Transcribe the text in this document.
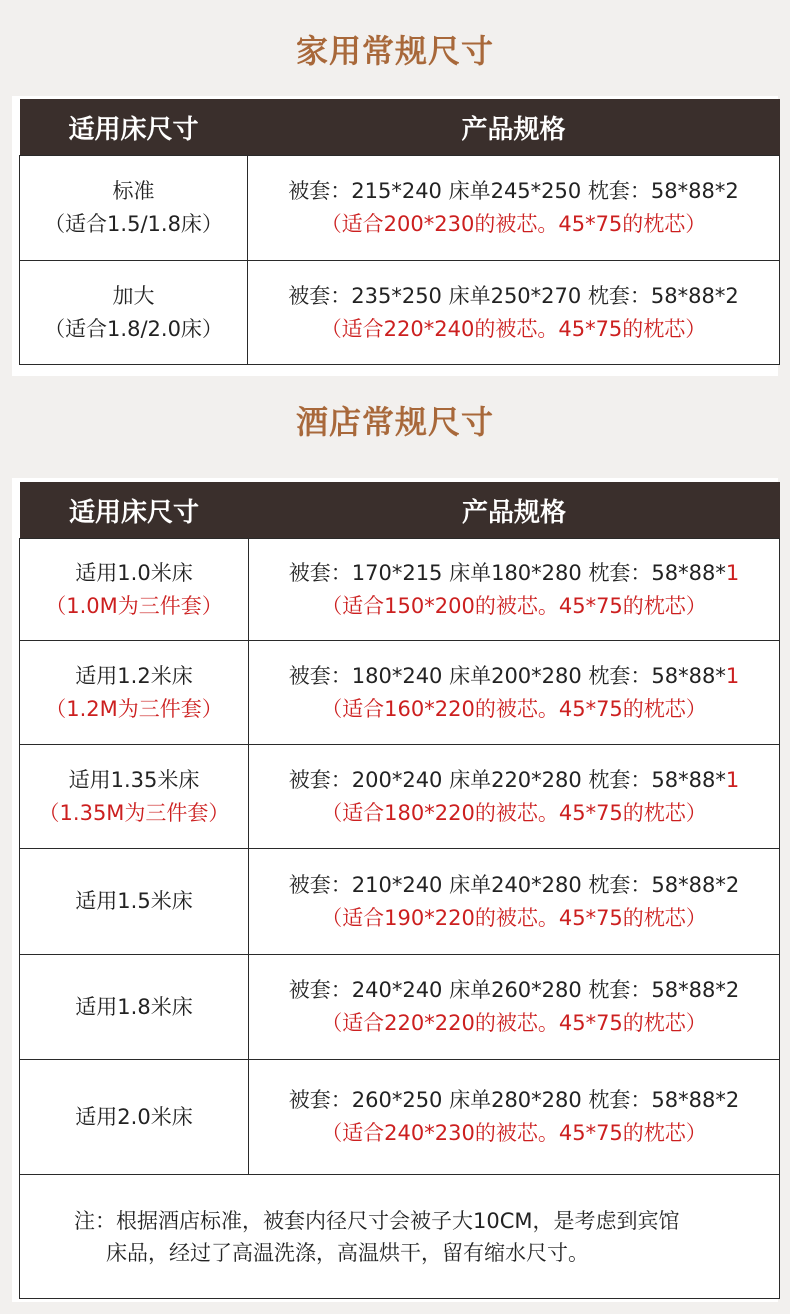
家用常规尺寸
适用床尺寸	产品规格

标准
（适合1.5/1.8床）	被套：215*240 床单245*250 枕套：58*88*2
（适合200*230的被芯。45*75的枕芯）

加大
（适合1.8/2.0床）	被套：235*250 床单250*270 枕套：58*88*2
（适合220*240的被芯。45*75的枕芯）
酒店常规尺寸
适用床尺寸	产品规格

适用1.0米床
（1.0M为三件套）	被套：170*215 床单180*280 枕套：58*88*1
（适合150*200的被芯。45*75的枕芯）

适用1.2米床
（1.2M为三件套）	被套：180*240 床单200*280 枕套：58*88*1
（适合160*220的被芯。45*75的枕芯）

适用1.35米床
（1.35M为三件套）	被套：200*240 床单220*280 枕套：58*88*1
（适合180*220的被芯。45*75的枕芯）

适用1.5米床	被套：210*240 床单240*280 枕套：58*88*2
（适合190*220的被芯。45*75的枕芯）

适用1.8米床	被套：240*240 床单260*280 枕套：58*88*2
（适合220*220的被芯。45*75的枕芯）

适用2.0米床	被套：260*250 床单280*280 枕套：58*88*2
（适合240*230的被芯。45*75的枕芯）

注：根据酒店标准，被套内径尺寸会被子大10CM，是考虑到宾馆
床品，经过了高温洗涤，高温烘干，留有缩水尺寸。	
